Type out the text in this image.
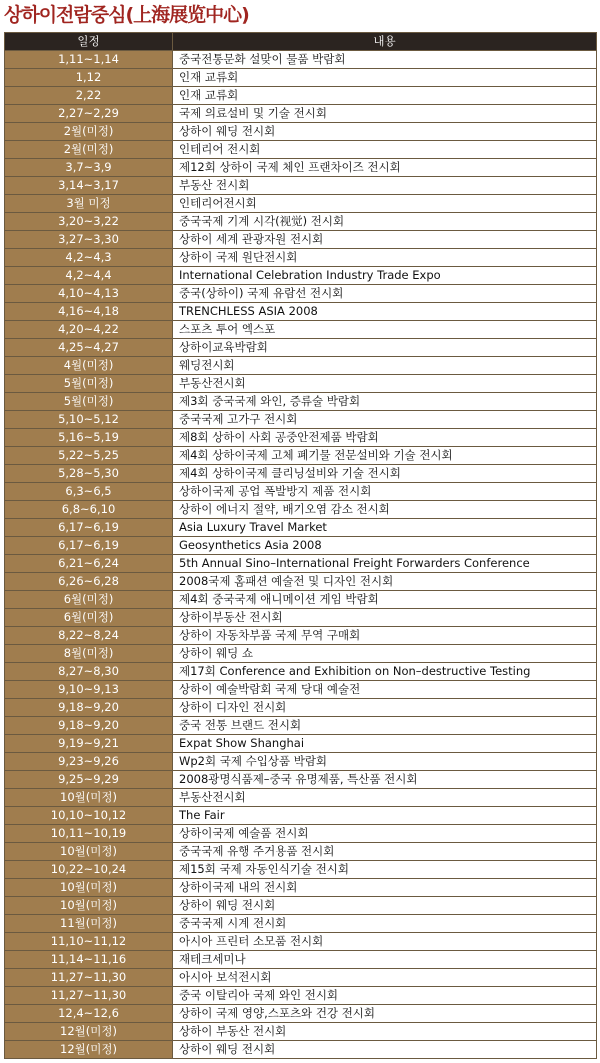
상하이전람중심(上海展览中心)
일정	내용
1,11~1,14	중국전통문화 설맞이 물품 박람회
1,12	인재 교류회
2,22	인재 교류회
2,27~2,29	국제 의료설비 및 기술 전시회
2월(미정)	상하이 웨딩 전시회
2월(미정)	인테리어 전시회
3,7~3,9	제12회 상하이 국제 체인 프랜차이즈 전시회
3,14~3,17	부동산 전시회
3월 미정	인테리어전시회
3,20~3,22	중국국제 기계 시각(视觉) 전시회
3,27~3,30	상하이 세계 관광자원 전시회
4,2~4,3	상하이 국제 원단전시회
4,2~4,4	International Celebration Industry Trade Expo
4,10~4,13	중국(상하이) 국제 유람선 전시회
4,16~4,18	TRENCHLESS ASIA 2008
4,20~4,22	스포츠 투어 엑스포
4,25~4,27	상하이교육박람회
4월(미정)	웨딩전시회
5월(미정)	부동산전시회
5월(미정)	제3회 중국국제 와인, 증류술 박람회
5,10~5,12	중국국제 고가구 전시회
5,16~5,19	제8회 상하이 사회 공중안전제품 박람회
5,22~5,25	제4회 상하이국제 고체 폐기물 전문설비와 기술 전시회
5,28~5,30	제4회 상하이국제 클리닝설비와 기술 전시회
6,3~6,5	상하이국제 공업 폭발방지 제품 전시회
6,8~6,10	상하이 에너지 절약, 배기오염 감소 전시회
6,17~6,19	Asia Luxury Travel Market
6,17~6,19	Geosynthetics Asia 2008
6,21~6,24	5th Annual Sino–International Freight Forwarders Conference
6,26~6,28	2008국제 홈패션 예술전 및 디자인 전시회
6월(미정)	제4회 중국국제 애니메이션 게임 박람회
6월(미정)	상하이부동산 전시회
8,22~8,24	상하이 자동차부품 국제 무역 구매회
8월(미정)	상하이 웨딩 쇼
8,27~8,30	제17회 Conference and Exhibition on Non–destructive Testing
9,10~9,13	상하이 예술박람회 국제 당대 예술전
9,18~9,20	상하이 디자인 전시회
9,18~9,20	중국 전통 브랜드 전시회
9,19~9,21	Expat Show Shanghai
9,23~9,26	Wp2회 국제 수입상품 박람회
9,25~9,29	2008광명식품제–중국 유명제품, 특산품 전시회
10월(미정)	부동산전시회
10,10~10,12	The Fair
10,11~10,19	상하이국제 예술품 전시회
10월(미정)	중국국제 유행 주거용품 전시회
10,22~10,24	제15회 국제 자동인식기술 전시회
10월(미정)	상하이국제 내의 전시회
10월(미정)	상하이 웨딩 전시회
11월(미정)	중국국제 시계 전시회
11,10~11,12	아시아 프린터 소모품 전시회
11,14~11,16	재테크세미나
11,27~11,30	아시아 보석전시회
11,27~11,30	중국 이탈리아 국제 와인 전시회
12,4~12,6	상하이 국제 영양,스포츠와 건강 전시회
12월(미정)	상하이 부동산 전시회
12월(미정)	상하이 웨딩 전시회
